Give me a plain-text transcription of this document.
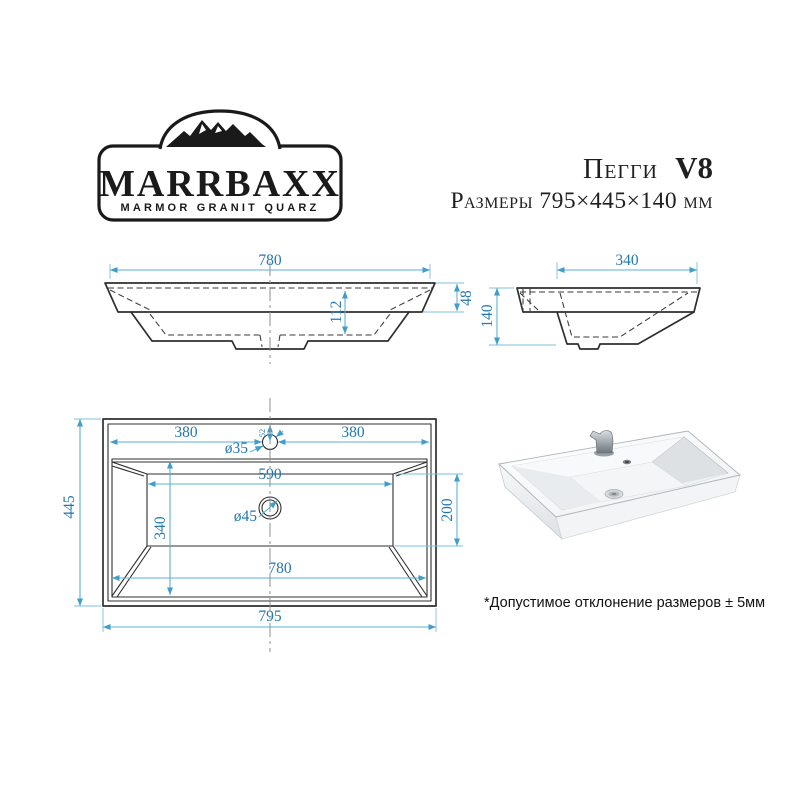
MARRBAXX
MARMOR GRANIT QUARZ
Пегги V8
Размеры 795×445×140 мм
780
112
48
340
140
ø35
52
380	380
590
ø45
340
200
780
795
445
*Допустимое отклонение размеров ± 5мм
